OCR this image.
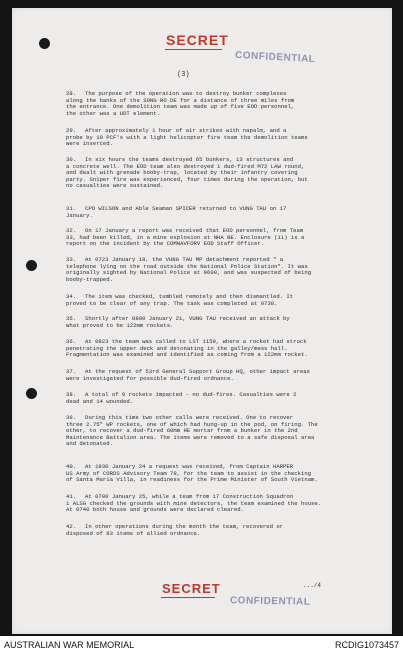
SECRET
CONFIDENTIAL
(3)
28. The purpose of the operation was to destroy bunker complexes
along the banks of the SONG RO DE for a distance of three miles from
the entrance. One demolition team was made up of five EOD personnel,
the other was a UDT element.
29. After approximately 1 hour of air strikes with napalm, and a
probe by 10 PCF's with a light helicopter fire team the demolition teams
were inserted.
30. In six hours the teams destroyed 65 bunkers, 13 structures and
a concrete well. The EOD team also destroyed 1 dud-fired M72 LAW round,
and dealt with grenade booby-trap, located by their infantry covering
party. Sniper fire was experienced, four times during the operation, but
no casualties were sustained.
31. CPO WILSON and Able Seaman SPICER returned to VUNG TAU on 17
January.
32. On 17 January a report was received that EOD personnel, from Team
33, had been killed, in a mine explosion at NHA BE. Enclosure (ii) is a
report on the incident by the COMNAVFORV EOD Staff Officer.
33. At 0723 January 18, the VUNG TAU MP detachment reported " a
telephone lying on the road outside the National Police Station". It was
originally sighted by National Police at 0600, and was suspected of being
booby-trapped.
34. The item was checked, tumbled remotely and then dismantled. It
proved to be clear of any trap. The task was completed at 0738.
35. Shortly after 0800 January 21, VUNG TAU received an attack by
what proved to be 122mm rockets.
36. At 0823 the team was called to LST 1159, where a rocket had struck
penetrating the upper deck and detonating in the galley/mess hall.
Fragmentation was examined and identified as coming from a 122mm rocket.
37. At the request of 53rd General Support Group HQ, other impact areas
were investigated for possible dud-fired ordnance.
38. A total of 9 rockets impacted - no dud-fires. Casualties were 2
dead and 14 wounded.
39. During this time two other calls were received. One to recover
three 2.75" WP rockets, one of which had hung-up in the pod, on firing. The
other, to recover a dud-fired 60mm HE mortar from a bunker in the 2nd
Maintenance Battalion area. The items were removed to a safe disposal area
and detonated.
40. At 1930 January 24 a request was received, from Captain HARPER
US Army of CORDS Advisory Team 79, for the team to assist in the checking
of Santa Maria Villa, in readiness for the Prime Minister of South Vietnam.
41. At 0700 January 25, while a team from 17 Construction Squadron
1 ALSG checked the grounds with mine detectors, the team examined the house.
At 0740 both house and grounds were declared cleared.
42. In other operations during the month the team, recovered or
disposed of 83 items of allied ordnance.
.../4
SECRET
CONFIDENTIAL
AUSTRALIAN WAR MEMORIAL	RCDIG1073457
